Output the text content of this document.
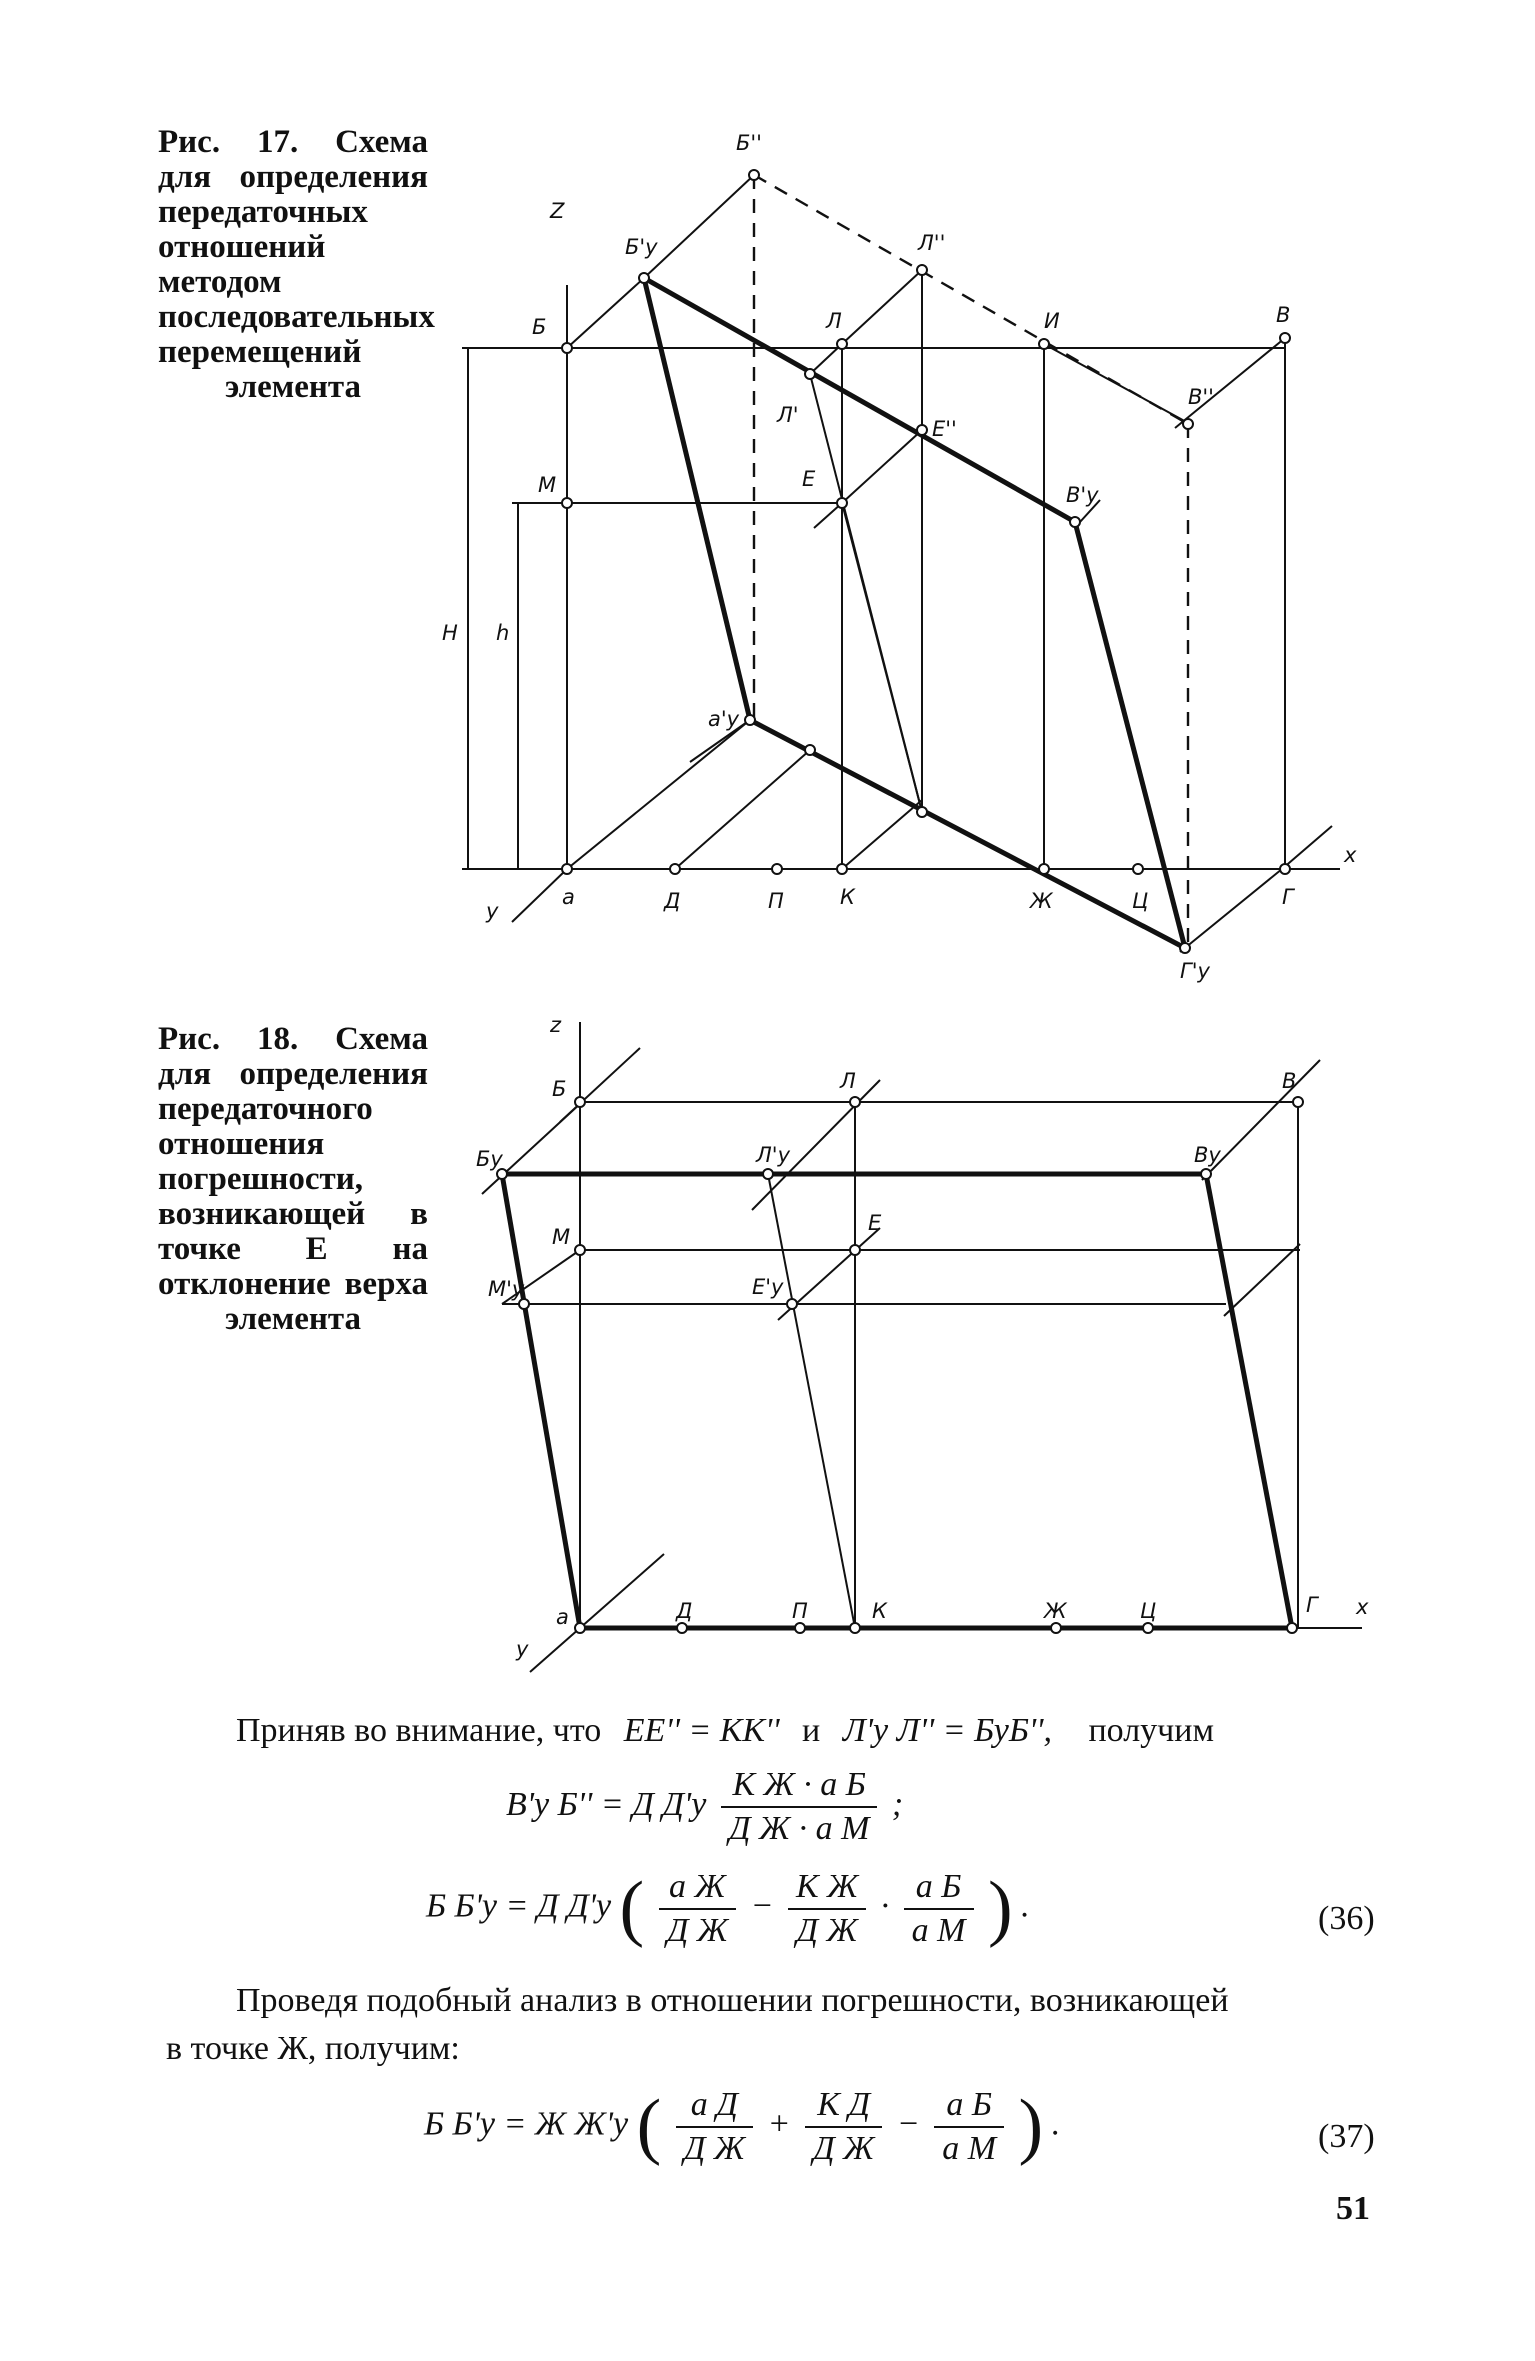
Рис. 17. Схема для определения передаточных отношений методом последовательных перемещений элемента
Б''
Z
Б'у	Л''
Б	Л	И	В
Л'
Е''
В''
М	Е
В'у
H h
а'у
а	Д	П	К	Ж	Ц	Г
Г'у
x
y
Рис. 18. Схема для определения передаточного отношения погрешности, возникающей в точке Е на отклонение верха элемента
z
Б	Л	В
Бу	Л'у	Ву
М
Е
М'у	Е'у
а	Д	П	К	Ж	Ц	Г x
у
Приняв во внимание, что ЕЕ'' = КК'' и Л'у Л'' = БуБ'', получим
В'у Б'' = Д $Д'у \frac{\text{К Ж · а Б}}{\text{Д Ж · а М}}$ ;
Б Б'у = Д Д'у ( $\frac{\text{а Ж}}{\text{Д Ж}} - \frac{\text{К Ж}}{\text{Д Ж}} \cdot \frac{\text{а Б}}{\text{а М}}$ ) .	(36)
Проведя подобный анализ в отношении погрешности, возникающей
в точке Ж, получим:
Б Б'у = Ж Ж'у ( $\frac{\text{а Д}}{\text{Д Ж}} + \frac{\text{К Д}}{\text{Д Ж}} - \frac{\text{а Б}}{\text{а М}}$ ) .	(37)
51
